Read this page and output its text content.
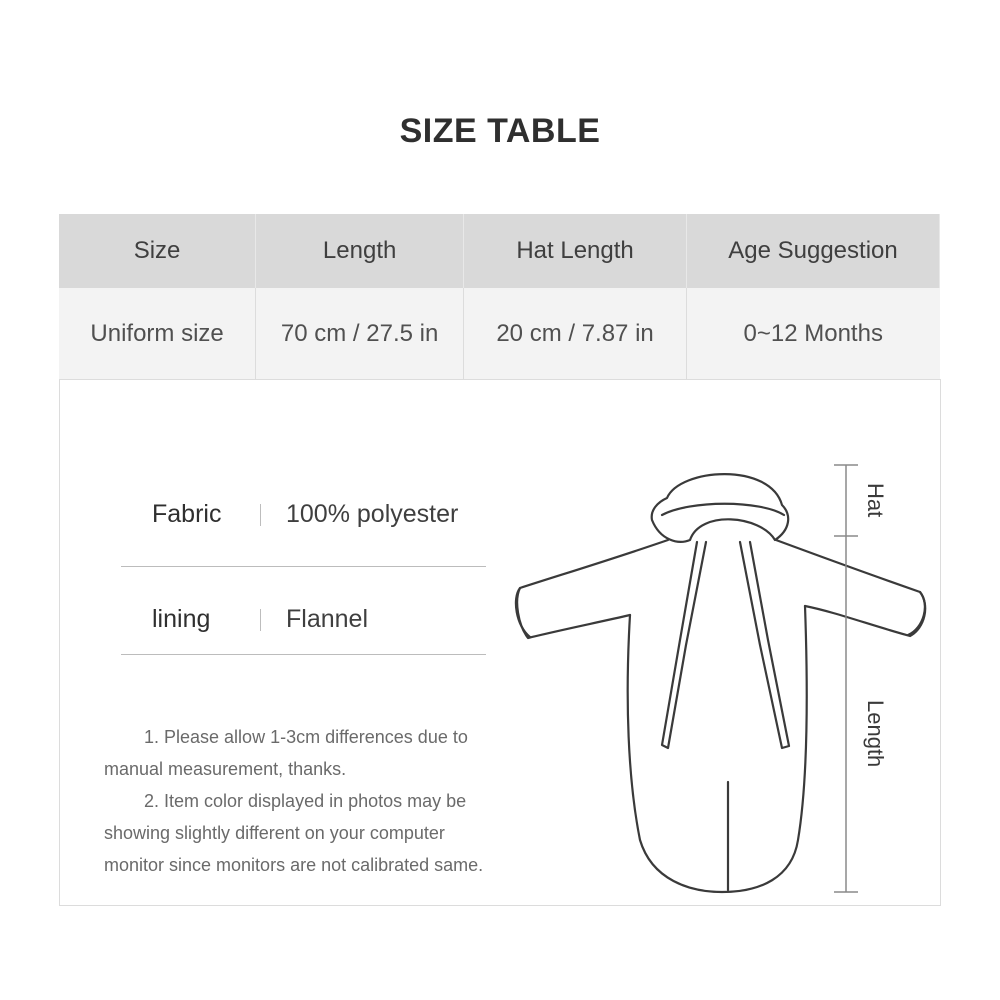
SIZE TABLE
Size	Length	Hat Length	Age Suggestion
Uniform size	70 cm / 27.5 in	20 cm / 7.87 in	0~12 Months
Fabric	100% polyester
lining	Flannel

1. Please allow 1-3cm differences due to

manual measurement, thanks.

2. Item color displayed in photos may be

showing slightly different on your computer

monitor since monitors are not calibrated same.

Hat
Length
